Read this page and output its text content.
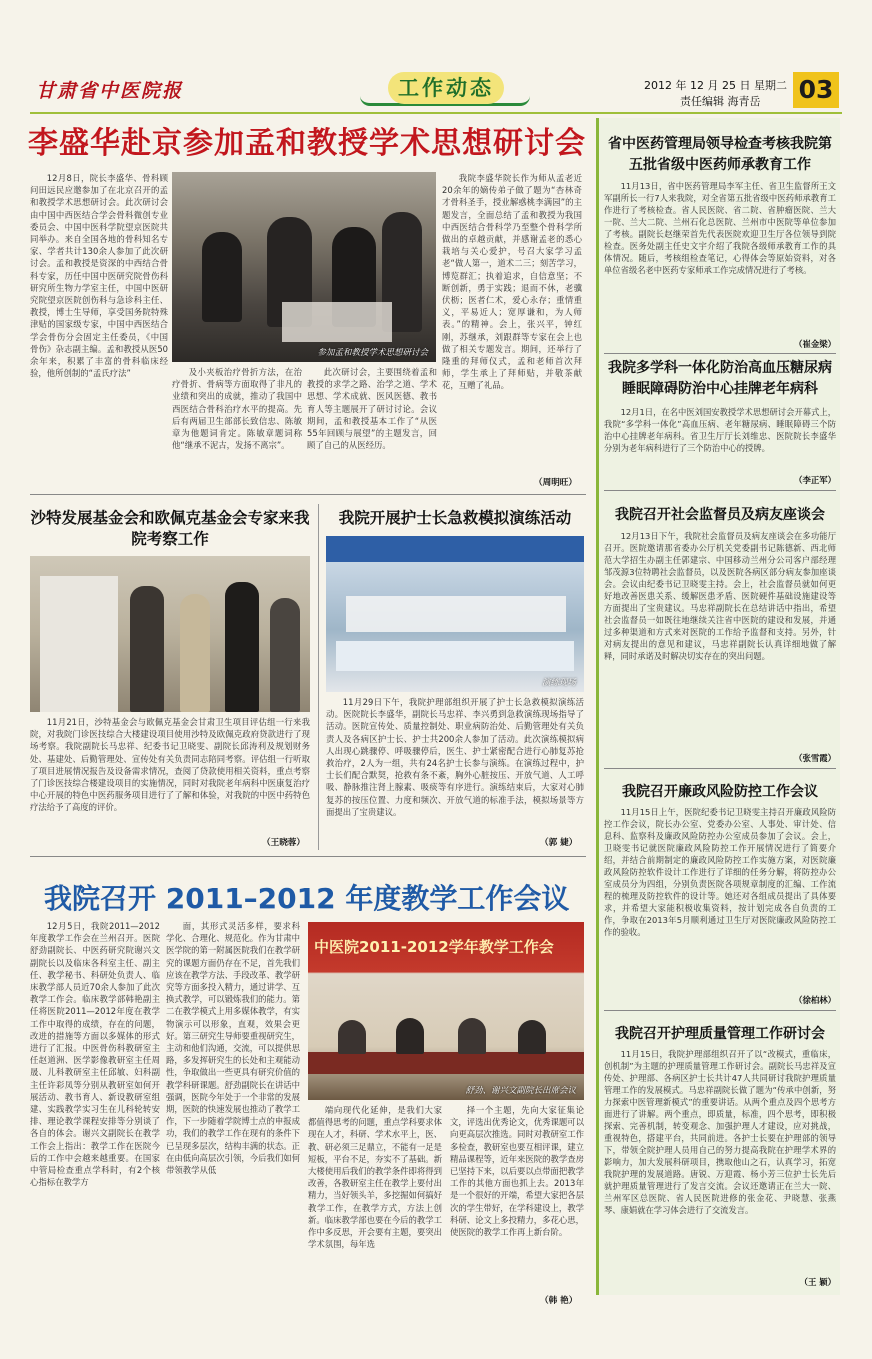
甘肃省中医院报	工作动态	2012 年 12 月 25 日 星期二
责任编辑 海青岳 03
李盛华赴京参加孟和教授学术思想研讨会
12月8日，院长李盛华、骨科顾问田远民应邀参加了在北京召开的孟和教授学术思想研讨会。此次研讨会由中国中西医结合学会骨科微创专业委员会、中国中医科学院望京医院共同举办。来自全国各地的骨科知名专家、学者共计130余人参加了此次研讨会。孟和教授是资深的中西结合骨科专家，历任中国中医研究院骨伤科研究所生物力学室主任，中国中医研究院望京医院创伤科与急诊科主任、教授，博士生导师，享受国务院特殊津贴的国家级专家，中国中西医结合学会骨伤分会固定主任委员，《中国骨伤》杂志副主编。孟和教授从医50余年来，积累了丰富的骨科临床经验，他所创制的“孟氏疗法”
参加孟和教授学术思想研讨会
及小夹板治疗骨折方法，在治疗骨折、骨病等方面取得了非凡的业绩和突出的成就，推动了我国中西医结合骨科治疗水平的提高。先后有两届卫生部部长致信忠、陈敏章为他题词肯定。陈敏章题词称他“继承不泥古，发扬不离宗”。
此次研讨会，主要围绕着孟和教授的求学之路、治学之道、学术思想、学术成就、医风医德、教书育人等主题展开了研讨讨论。会议期间，孟和教授基本工作了“从医55年回顾与展望”的主题发言，回顾了自己的从医经历。
我院李盛华院长作为师从孟老近20余年的嫡传弟子做了题为“杏林奇才骨科圣手，授业解惑桃李满园”的主题发言，全面总结了孟和教授为我国中西医结合骨科学乃至整个骨科学所做出的卓越贡献，并感谢孟老的悉心栽培与关心爱护，号召大家学习孟老“做人第一，道术二三；刻苦学习，博览群汇；执着追求，自信意坚；不断创新，勇于实践；退而不休，老骥伏枥；医者仁术，爱心永存；重情重义，平易近人；宽厚谦和，为人师表。”的精神。会上，张兴平，钟红刚，苏继承，刘跟群等专家在会上也做了相关专题发言。期间，还举行了隆重的拜师仪式，孟和老师首次拜师，学生承上了拜师贴，并敬茶献花，互赠了礼品。
（周明旺）
沙特发展基金会和欧佩克基金会专家来我院考察工作
11月21日，沙特基金会与欧佩克基金会甘肃卫生项目评估组一行来我院，对我院门诊医技综合大楼建设项目使用沙特及欧佩克政府贷款进行了现场考察。我院副院长马忠祥、纪委书记卫晓雯、副院长邱涛利及规划财务处、基建处、后勤管理处、宣传处有关负责同志陪同考察。评估组一行听取了项目进展情况报告及设备需求情况，查阅了贷款使用相关资料，重点考察了门诊医技综合楼建设项目的实施情况，同时对我院老年病科中医康复治疗中心开展的特色中医药服务项目进行了了解和体验，对我院的中医中药特色疗法给予了高度的评价。
（王晓蓉）
我院开展护士长急救模拟演练活动
演练现场
11月29日下午，我院护理部组织开展了护士长急救模拟演练活动。医院院长李盛华，副院长马忠祥、李兴勇到急救演练现场指导了活动。医院宣传处、质量控制处、职业病防治处、后勤管理处有关负责人及各病区护士长、护士共200余人参加了活动。此次演练模拟病人出现心跳骤停、呼吸骤停后，医生、护士紧密配合进行心肺复苏抢救治疗，2人为一组，共有24名护士长参与演练。在演练过程中，护士长们配合默契，抢救有条不紊，胸外心脏按压、开放气道、人工呼吸、静脉推注肾上腺素、吸痰等有序进行。演练结束后，大家对心肺复苏的按压位置、力度和频次、开放气道的标准手法，模拟场景等方面提出了宝贵建议。
（郭 婕）
我院召开 2011–2012 年度教学工作会议
12月5日，我院2011—2012年度教学工作会在兰州召开。医院舒劲副院长、中医药研究院谢兴文副院长以及临床各科室主任、副主任、教学秘书、科研处负责人、临床教学部人员近70余人参加了此次教学工作会。临床教学部韩艳副主任将医院2011—2012年度在教学工作中取得的成绩，存在的问题，改进的措施等方面以多媒体的形式进行了汇报。中医骨伤科教研室主任赵道洲、医学影像教研室主任周晟、儿科教研室主任邱敏、妇科副主任许彩凤等分别从教研室如何开展活动、教书育人、新设教研室组建、实践教学实习生在儿科轮转安排、理论教学课程安排等分别谈了各自的体会。谢兴文副院长在教学工作会上指出：教学工作在医院今后的工作中会越来越重要。在国家中管局检查重点学科时，有2个核心指标在教学方
面，其形式灵活多样，要求科学化、合理化、规范化。作为甘肃中医学院的第一附属医院我们在教学研究的课题方面仍存在不足，首先我们应该在教学方法、手段改革、教学研究等方面多投入精力，通过讲学、互换式教学，可以锻炼我们的能力。第二在教学模式上用多媒体教学，有实物演示可以形象，直观，效果会更好。第三研究生导师要重视研究生，主动和他们沟通，交流，可以提供思路，多发挥研究生的长处和主观能动性，争取做出一些更具有研究价值的教学科研课题。舒劲副院长在讲话中强调，医院今年处于一个非常的发展期，医院的快速发展也推动了教学工作，下一步随着学院博士点的申报成功，我们的教学工作在现有的条件下已呈现多层次，结构丰满的状态。正在由低向高层次引领，今后我们如何带领教学从低
中医院2011-2012学年教学工作会
舒劲、谢兴文副院长出席会议
端向现代化延伸，是我们大家都值得思考的问题，重点学科要求体现在人才，科研、学术水平上，医、教、研必须三足鼎立，不能有一足是短板，平台不足，夯实不了基础。新大楼使用后我们的教学条件即将得到改善，各教研室主任在教学上要付出精力，当好领头羊，多挖掘如何搞好教学工作，在教学方式，方法上创新。临床教学部也要在今后的教学工作中多反思，开会要有主题，要突出学术氛围，每年选
择一个主题，先向大家征集论文，评选出优秀论文，优秀课题可以向更高层次推选。同时对教研室工作多检查，教研室也要互相评课，建立精品课程等，近年来医院的教学查房已坚持下来，以后要以点带面把教学工作的其他方面也抓上去。2013年是一个很好的开端，希望大家把各层次的学生带好，在学科建设上，教学科研、论文上多投精力，多花心思，使医院的教学工作再上新台阶。
（韩 艳）
省中医药管理局领导检查考核我院第五批省级中医药师承教育工作
11月13日，省中医药管理局李军主任、省卫生监督所王文军副所长一行7人来我院，对全省第五批省级中医药师承教育工作进行了考核检查。省人民医院、省二院、省肿瘤医院、兰大一院、兰大二院、兰州石化总医院、兰州市中医院等单位参加了考核。副院长赵继荣首先代表医院欢迎卫生厅各位领导到院检查。医务处副主任史文宇介绍了我院各级师承教育工作的具体情况。随后，考核组检查笔记，心得体会等原始资料，对各单位省级名老中医药专家师承工作完成情况进行了考核。
（崔金梁）
我院多学科一体化防治高血压糖尿病睡眠障碍防治中心挂牌老年病科
12月1日，在名中医刘国安教授学术思想研讨会开幕式上，我院“多学科一体化”高血压病、老年糖尿病、睡眠障碍三个防治中心挂牌老年病科。省卫生厅厅长刘维忠、医院院长李盛华分别为老年病科进行了三个防治中心的授牌。
（李正军）
我院召开社会监督员及病友座谈会
12月13日下午，我院社会监督员及病友座谈会在多功能厅召开。医院邀请那省委办公厅机关党委副书记陈德新、西北师范大学招生办副主任郭建宗、中国移动兰州分公司客户部经理邹茂源3位特聘社会监督员，以及医院各病区部分病友参加座谈会。会议由纪委书记卫晓雯主持。会上，社会监督员就如何更好地改善医患关系、缓解医患矛盾、医院硬件基础设施建设等方面提出了宝贵建议。马忠祥副院长在总结讲话中指出，希望社会监督员一如既往地继续关注省中医院的建设和发展，并通过多种渠道和方式来对医院的工作给予监督和支持。另外，针对病友提出的意见和建议，马忠祥副院长认真详细地做了解释，同时承诺及时解决切实存在的突出问题。
（张雪霞）
我院召开廉政风险防控工作会议
11月15日上午，医院纪委书记卫晓雯主持召开廉政风险防控工作会议，院长办公室、党委办公室、人事处、审计处、信息科、监察科及廉政风险防控办公室成员参加了会议。会上，卫晓雯书记就医院廉政风险防控工作开展情况进行了简要介绍，并结合前期制定的廉政风险防控工作实施方案，对医院廉政风险防控软件设计工作进行了详细的任务分解，将防控办公室成员分为四组，分别负责医院各项规章制度的汇编、工作流程的梳理及防控软件的设计等。她还对各组成员提出了具体要求，并希望大家能积极收集资料，按计划完成各自负责的工作，争取在2013年5月顺利通过卫生厅对医院廉政风险防控工作的验收。
（徐柏林）
我院召开护理质量管理工作研讨会
11月15日，我院护理部组织召开了以“改模式，重临床，创机制”为主题的护理质量管理工作研讨会。副院长马忠祥及宣传处、护理部、各病区护士长共计47人共同研讨我院护理质量管理工作的发展模式。马忠祥副院长做了题为“传承中创新，努力探索中医管理新模式”的重要讲话。从两个重点及四个思考方面进行了讲解。两个重点，即质量，标准，四个思考，即积极探索、完善机制，转变观念、加强护理人才建设，应对挑战，重视特色，搭建平台，共同前进。各护士长要在护理部的领导下，带领全院护理人员用自己的努力提高我院在护理学术界的影响力，加大发展科研项目，携取他山之石，认真学习，拓宽我院护理的发展道路。唐锐、万迎霞、杨小芳三位护士长先后就护理质量管理进行了发言交流。会议还邀请正在兰大一院、兰州军区总医院、省人民医院进修的张金花、尹晓慧、张燕琴、康娟就在学习体会进行了交流发言。
（王 颖）
